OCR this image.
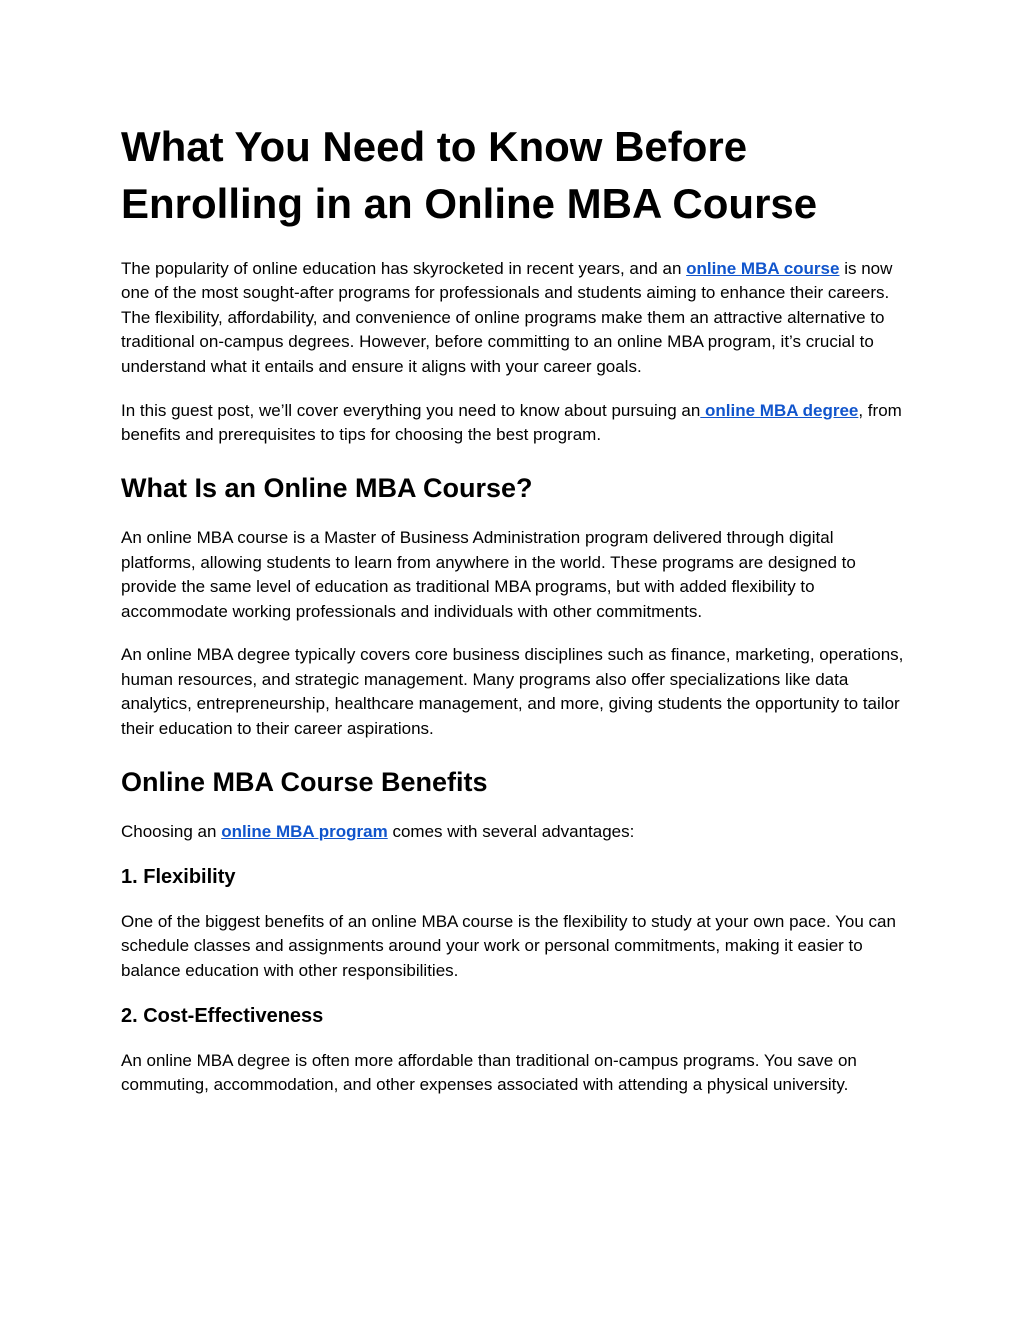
What You Need to Know Before Enrolling in an Online MBA Course

The popularity of online education has skyrocketed in recent years, and an online MBA course is now one of the most sought-after programs for professionals and students aiming to enhance their careers. The flexibility, affordability, and convenience of online programs make them an attractive alternative to traditional on-campus degrees. However, before committing to an online MBA program, it’s crucial to understand what it entails and ensure it aligns with your career goals.

In this guest post, we’ll cover everything you need to know about pursuing an online MBA degree, from benefits and prerequisites to tips for choosing the best program.

What Is an Online MBA Course?

An online MBA course is a Master of Business Administration program delivered through digital platforms, allowing students to learn from anywhere in the world. These programs are designed to provide the same level of education as traditional MBA programs, but with added flexibility to accommodate working professionals and individuals with other commitments.

An online MBA degree typically covers core business disciplines such as finance, marketing, operations, human resources, and strategic management. Many programs also offer specializations like data analytics, entrepreneurship, healthcare management, and more, giving students the opportunity to tailor their education to their career aspirations.

Online MBA Course Benefits

Choosing an online MBA program comes with several advantages:

1. Flexibility

One of the biggest benefits of an online MBA course is the flexibility to study at your own pace. You can schedule classes and assignments around your work or personal commitments, making it easier to balance education with other responsibilities.

2. Cost-Effectiveness

An online MBA degree is often more affordable than traditional on-campus programs. You save on commuting, accommodation, and other expenses associated with attending a physical university.
